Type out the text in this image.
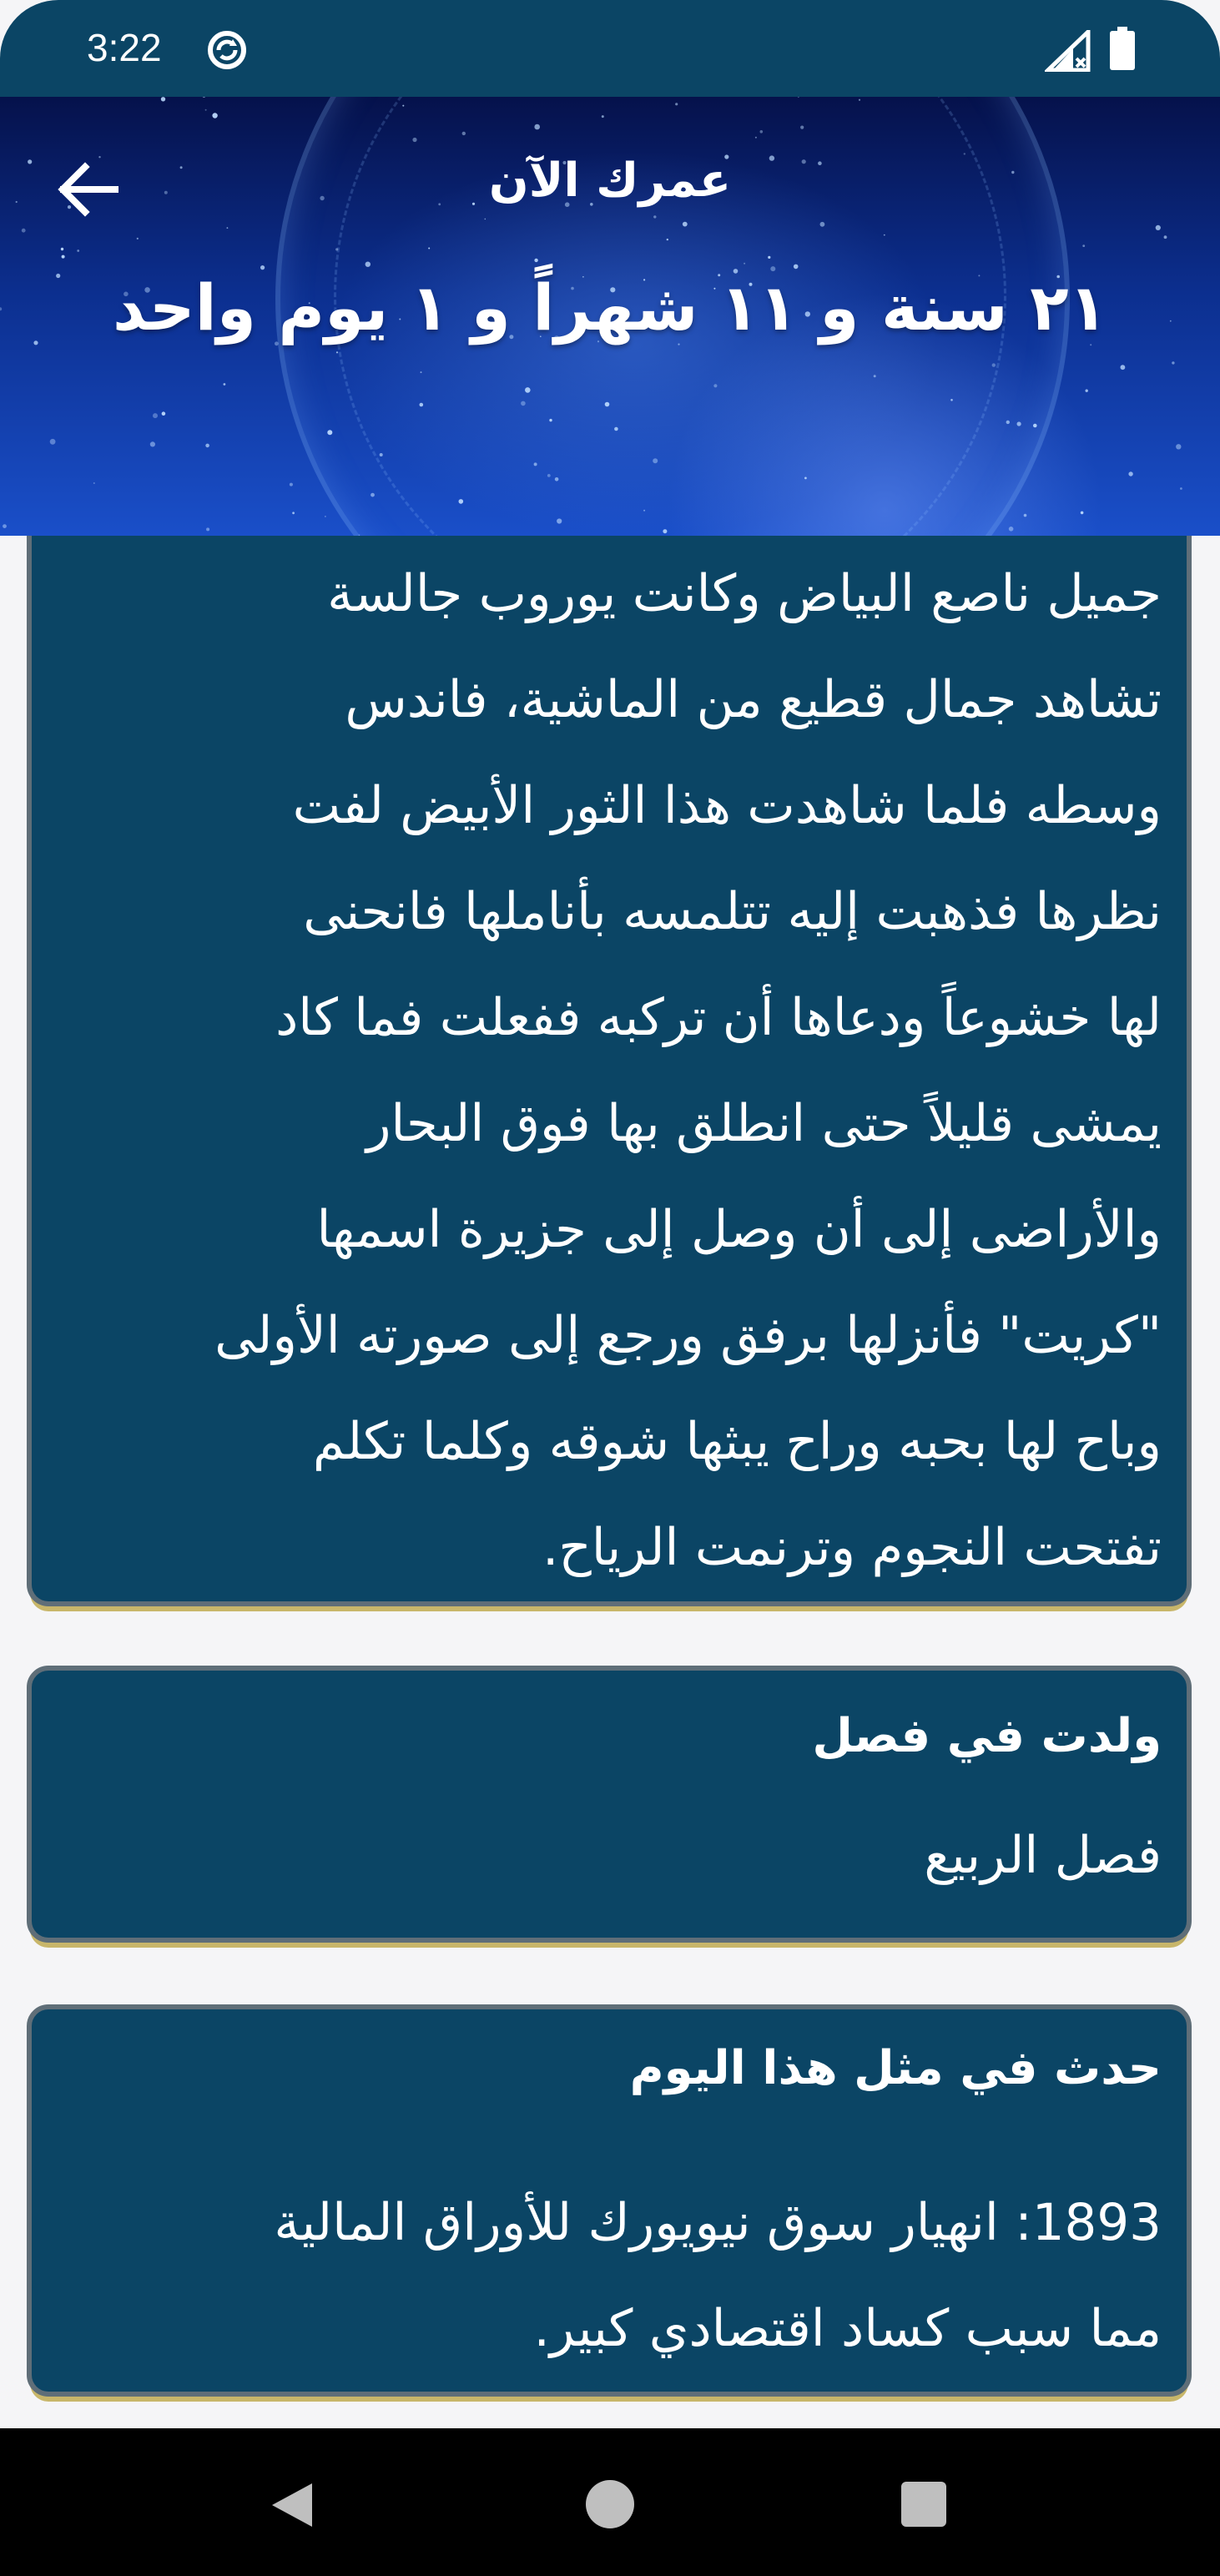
جميل ناصع البياض وكانت يوروب جالسة
تشاهد جمال قطيع من الماشية، فاندس
وسطه فلما شاهدت هذا الثور الأبيض لفت
نظرها فذهبت إليه تتلمسه بأناملها فانحنى
لها خشوعاً ودعاها أن تركبه ففعلت فما كاد
يمشى قليلاً حتى انطلق بها فوق البحار
والأراضى إلى أن وصل إلى جزيرة اسمها
"كريت" فأنزلها برفق ورجع إلى صورته الأولى
وباح لها بحبه وراح يبثها شوقه وكلما تكلم
تفتحت النجوم وترنمت الرياح.
ولدت في فصل
فصل الربيع
حدث في مثل هذا اليوم
1893: انهيار سوق نيويورك للأوراق المالية
مما سبب كساد اقتصادي كبير.
3:22
عمرك الآن
٢١ سنة و ١١ شهراً و ١ يوم واحد
